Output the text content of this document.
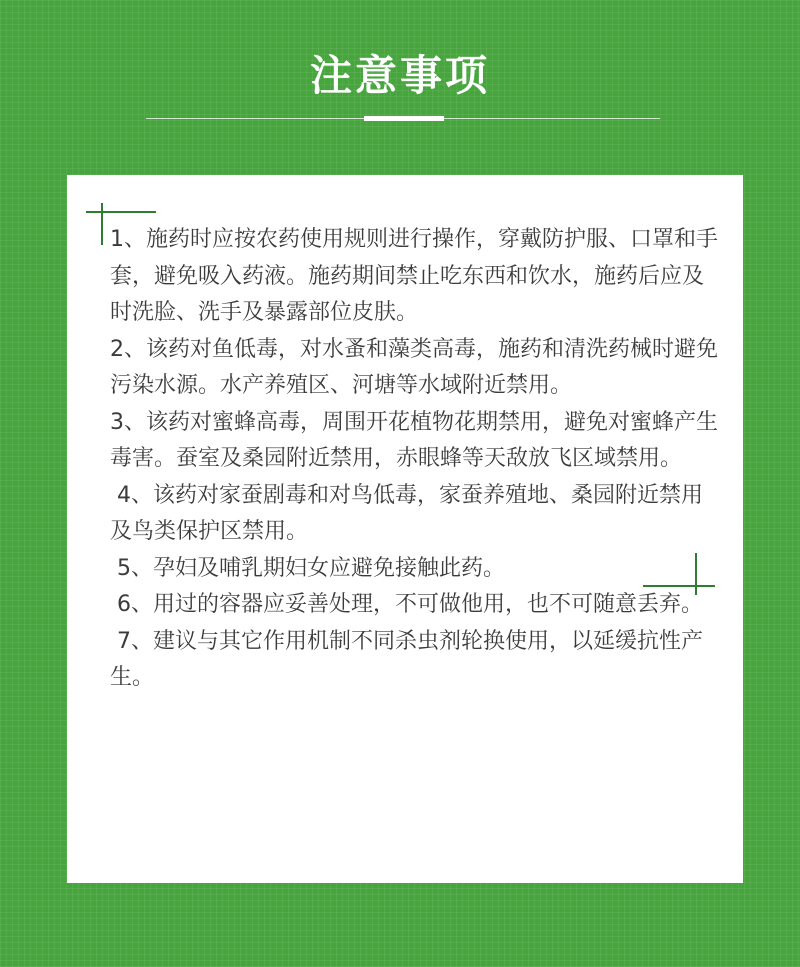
注意事项
1、施药时应按农药使用规则进行操作，穿戴防护服、口罩和手套，避免吸入药液。施药期间禁止吃东西和饮水，施药后应及时洗脸、洗手及暴露部位皮肤。
2、该药对鱼低毒，对水蚤和藻类高毒，施药和清洗药械时避免污染水源。水产养殖区、河塘等水域附近禁用。
3、该药对蜜蜂高毒，周围开花植物花期禁用，避免对蜜蜂产生毒害。蚕室及桑园附近禁用，赤眼蜂等天敌放飞区域禁用。
4、该药对家蚕剧毒和对鸟低毒，家蚕养殖地、桑园附近禁用及鸟类保护区禁用。
5、孕妇及哺乳期妇女应避免接触此药。
6、用过的容器应妥善处理，不可做他用，也不可随意丢弃。
7、建议与其它作用机制不同杀虫剂轮换使用，以延缓抗性产生。
